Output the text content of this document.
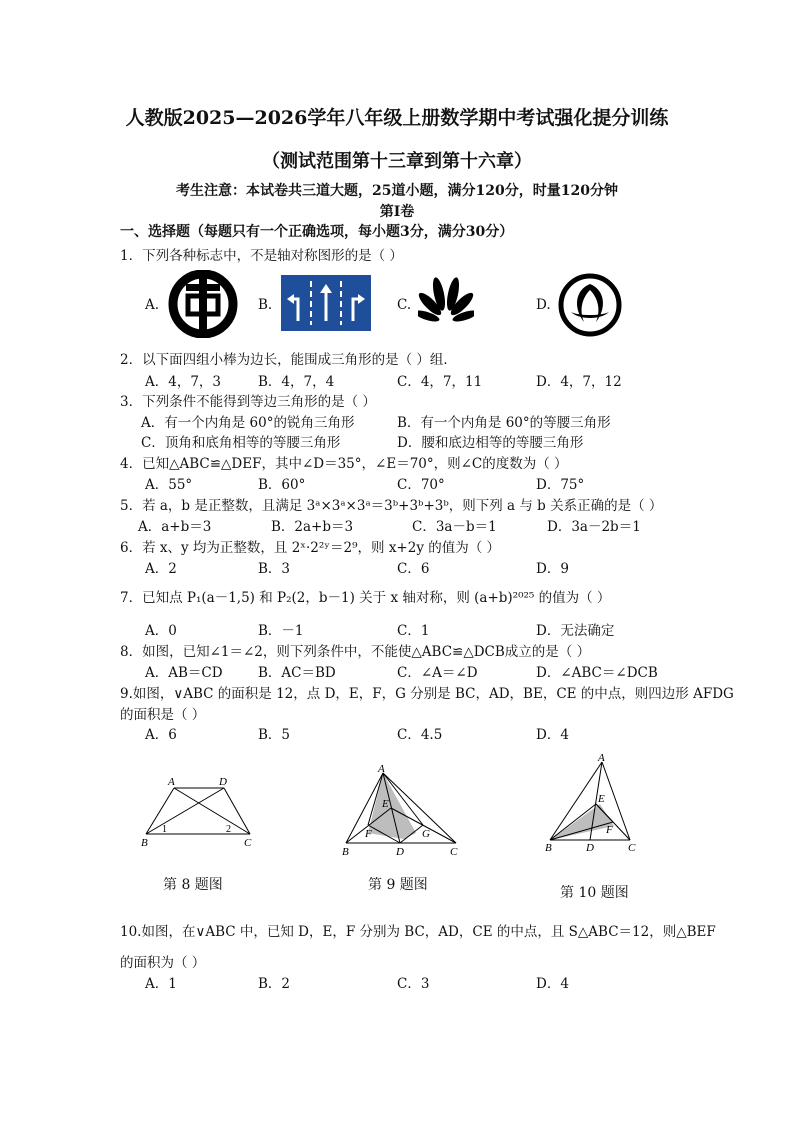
人教版2025—2026学年八年级上册数学期中考试强化提分训练
（测试范围第十三章到第十六章）
考生注意：本试卷共三道大题，25道小题，满分120分，时量120分钟
第Ⅰ卷
一、选择题（每题只有一个正确选项，每小题3分，满分30分）
1．下列各种标志中，不是轴对称图形的是（ ）
A.	B.	C.	D.
2．以下面四组小棒为边长，能围成三角形的是（ ）组．
A．4，7，3	B．4，7，4	C．4，7，11	D．4，7，12
3．下列条件不能得到等边三角形的是（ ）
A．有一个内角是 60°的锐角三角形	B．有一个内角是 60°的等腰三角形
C．顶角和底角相等的等腰三角形	D．腰和底边相等的等腰三角形
4．已知△ABC≌△DEF，其中∠D＝35°，∠E＝70°，则∠C的度数为（ ）
A．55°	B．60°	C．70°	D．75°
5．若 a，b 是正整数，且满足 3ᵃ×3ᵃ×3ᵃ＝3ᵇ+3ᵇ+3ᵇ，则下列 a 与 b 关系正确的是（ ）
A．a+b＝3	B．2a+b＝3	C．3a－b＝1	D．3a－2b＝1
6．若 x、y 均为正整数，且 2ˣ·2²ʸ＝2⁹，则 x+2y 的值为（ ）
A．2	B．3	C．6	D．9
7．已知点 P₁(a－1,5) 和 P₂(2，b－1) 关于 x 轴对称，则 (a+b)²⁰²⁵ 的值为（ ）
A．0	B．－1	C．1	D．无法确定
8．如图，已知∠1＝∠2，则下列条件中，不能使△ABC≌△DCB成立的是（ ）
A．AB＝CD	B．AC＝BD	C．∠A＝∠D	D．∠ABC＝∠DCB
9.如图，∨ABC 的面积是 12，点 D，E，F，G 分别是 BC，AD，BE，CE 的中点，则四边形 AFDG
的面积是（ ）
A．6	B．5	C．4.5	D．4
A	D
B	C
1	2
A
E
F	G
B	D	C
A
E
F
B	D	C
第 8 题图	第 9 题图	第 10 题图
10.如图，在∨ABC 中，已知 D，E，F 分别为 BC，AD，CE 的中点，且 S△ABC＝12，则△BEF
的面积为（ ）
A．1	B．2	C．3	D．4
